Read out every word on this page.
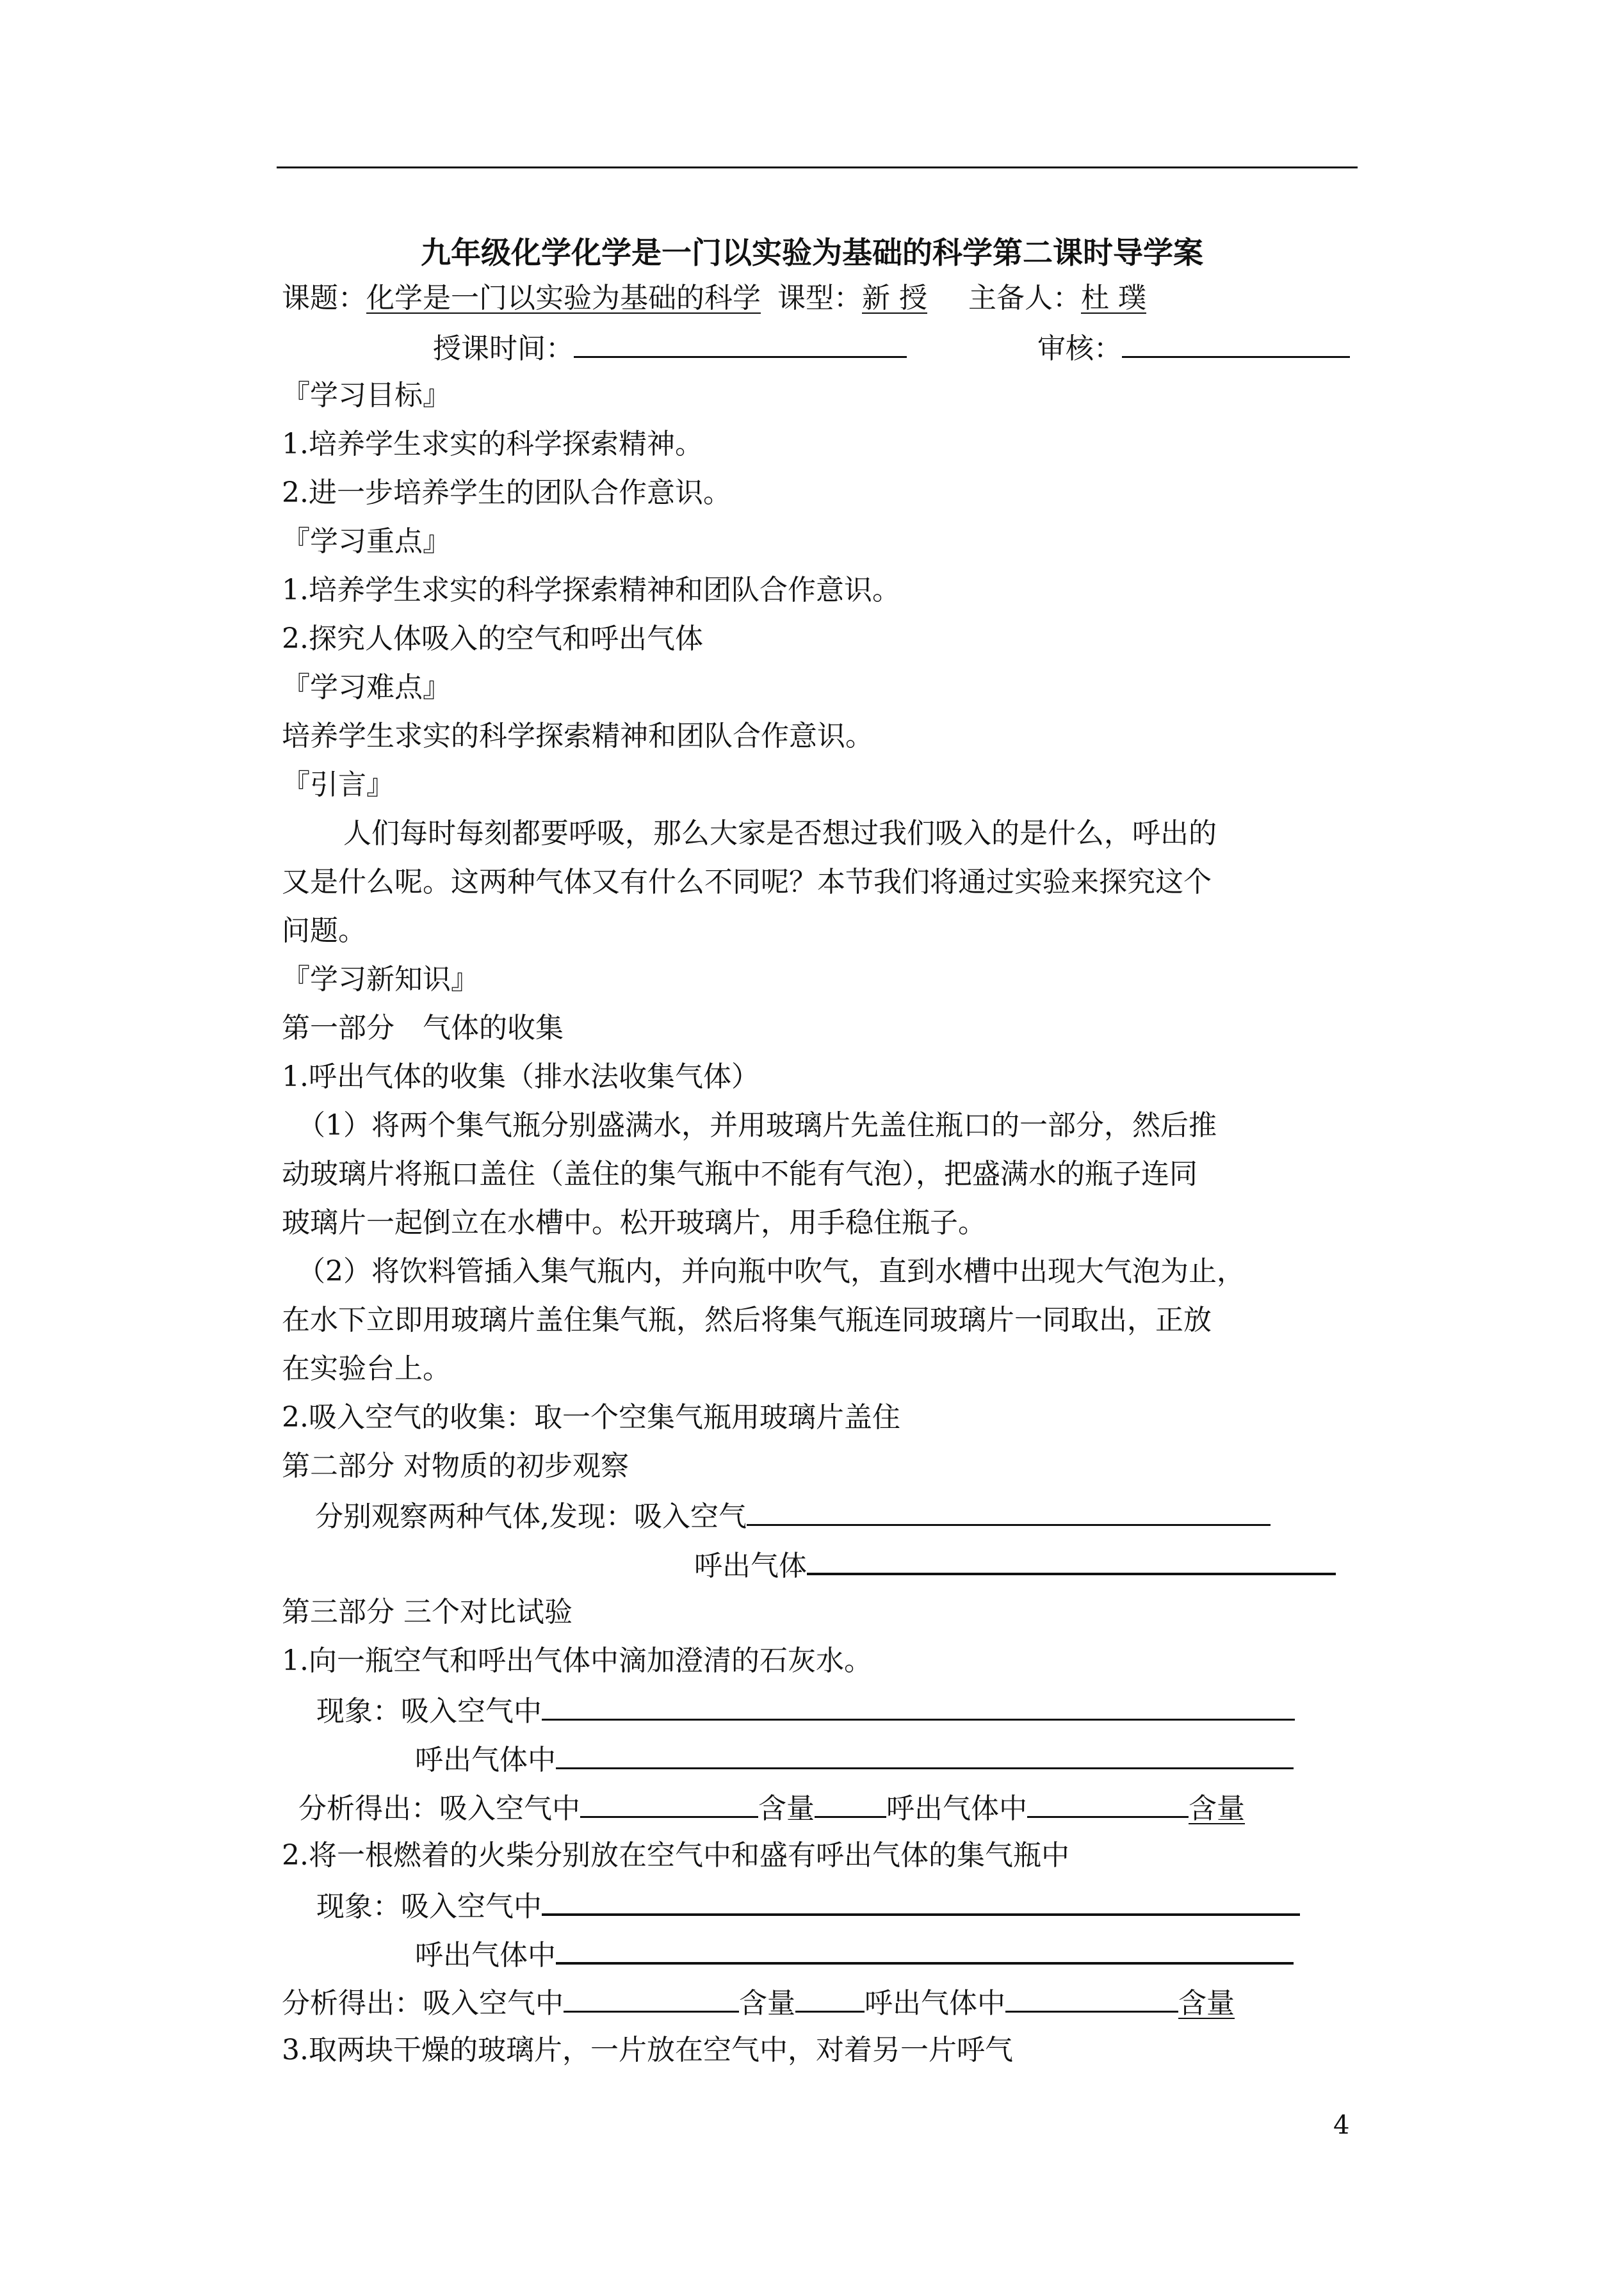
九年级化学化学是一门以实验为基础的科学第二课时导学案
课题：化学是一门以实验为基础的科学 课型：新 授 主备人：杜 璞
授课时间：	审核：
『学习目标』
1.培养学生求实的科学探索精神。
2.进一步培养学生的团队合作意识。
『学习重点』
1.培养学生求实的科学探索精神和团队合作意识。
2.探究人体吸入的空气和呼出气体
『学习难点』
培养学生求实的科学探索精神和团队合作意识。
『引言』
人们每时每刻都要呼吸，那么大家是否想过我们吸入的是什么，呼出的
又是什么呢。这两种气体又有什么不同呢？本节我们将通过实验来探究这个
问题。
『学习新知识』
第一部分　气体的收集
1.呼出气体的收集（排水法收集气体）
（1）将两个集气瓶分别盛满水，并用玻璃片先盖住瓶口的一部分，然后推
动玻璃片将瓶口盖住（盖住的集气瓶中不能有气泡），把盛满水的瓶子连同
玻璃片一起倒立在水槽中。松开玻璃片，用手稳住瓶子。
（2）将饮料管插入集气瓶内，并向瓶中吹气，直到水槽中出现大气泡为止，
在水下立即用玻璃片盖住集气瓶，然后将集气瓶连同玻璃片一同取出，正放
在实验台上。
2.吸入空气的收集：取一个空集气瓶用玻璃片盖住
第二部分 对物质的初步观察
分别观察两种气体,发现：吸入空气
呼出气体
第三部分 三个对比试验
1.向一瓶空气和呼出气体中滴加澄清的石灰水。
现象：吸入空气中
呼出气体中
分析得出：吸入空气中	含量	呼出气体中	含量
2.将一根燃着的火柴分别放在空气中和盛有呼出气体的集气瓶中
现象：吸入空气中
呼出气体中
分析得出：吸入空气中	含量 呼出气体中	含量
3.取两块干燥的玻璃片，一片放在空气中，对着另一片呼气
4
